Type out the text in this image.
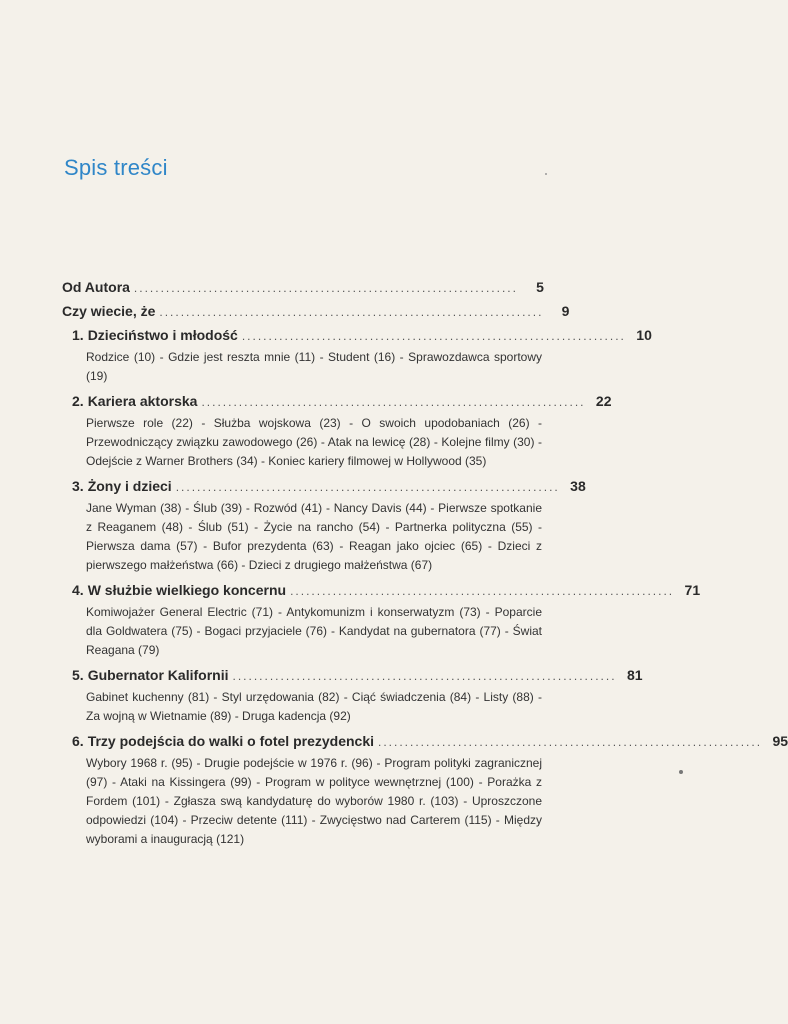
Spis treści
Od Autora ........................................................................	5
Czy wiecie, że ........................................................................	9
1. Dzieciństwo i młodość ........................................................................ 10
Rodzice (10) - Gdzie jest reszta mnie (11) - Student (16) - Sprawozdawca sportowy (19)
2. Kariera aktorska ........................................................................ 22
Pierwsze role (22) - Służba wojskowa (23) - O swoich upodobaniach (26) - Przewodniczący związku zawodowego (26) - Atak na lewicę (28) - Kolejne filmy (30) - Odejście z Warner Brothers (34) - Koniec kariery filmowej w Hollywood (35)
3. Żony i dzieci ........................................................................ 38
Jane Wyman (38) - Ślub (39) - Rozwód (41) - Nancy Davis (44) - Pierwsze spotkanie z Reaganem (48) - Ślub (51) - Życie na rancho (54) - Partnerka polityczna (55) - Pierwsza dama (57) - Bufor prezydenta (63) - Reagan jako ojciec (65) - Dzieci z pierwszego małżeństwa (66) - Dzieci z drugiego małżeństwa (67)
4. W służbie wielkiego koncernu ........................................................................ 71
Komiwojażer General Electric (71) - Antykomunizm i konserwatyzm (73) - Poparcie dla Goldwatera (75) - Bogaci przyjaciele (76) - Kandydat na gubernatora (77) - Świat Reagana (79)
5. Gubernator Kalifornii ........................................................................ 81
Gabinet kuchenny (81) - Styl urzędowania (82) - Ciąć świadczenia (84) - Listy (88) - Za wojną w Wietnamie (89) - Druga kadencja (92)
6. Trzy podejścia do walki o fotel prezydencki ........................................................................ 95
Wybory 1968 r. (95) - Drugie podejście w 1976 r. (96) - Program polityki zagranicznej (97) - Ataki na Kissingera (99) - Program w polityce wewnętrznej (100) - Porażka z Fordem (101) - Zgłasza swą kandydaturę do wyborów 1980 r. (103) - Uproszczone odpowiedzi (104) - Przeciw detente (111) - Zwycięstwo nad Carterem (115) - Między wyborami a inauguracją (121)
